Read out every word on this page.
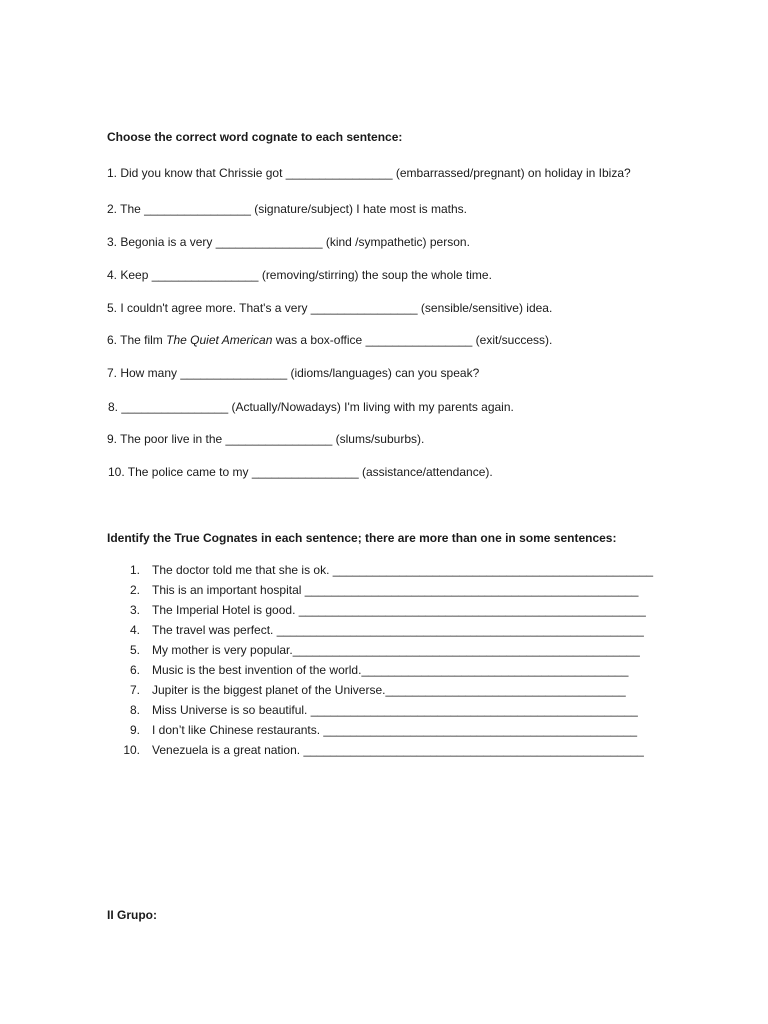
Choose the correct word cognate to each sentence:

1. Did you know that Chrissie got ________________ (embarrassed/pregnant) on holiday in Ibiza?

2. The ________________ (signature/subject) I hate most is maths.

3. Begonia is a very ________________ (kind /sympathetic) person.

4. Keep ________________ (removing/stirring) the soup the whole time.

5. I couldn't agree more. That's a very ________________ (sensible/sensitive) idea.

6. The film The Quiet American was a box-office ________________ (exit/success).

7. How many ________________ (idioms/languages) can you speak?

8. ________________ (Actually/Nowadays) I'm living with my parents again.

9. The poor live in the ________________ (slums/suburbs).

10. The police came to my ________________ (assistance/attendance).

Identify the True Cognates in each sentence; there are more than one in some sentences:

1. The doctor told me that she is ok. ________________________________________________
2. This is an important hospital __________________________________________________
3. The Imperial Hotel is good. ____________________________________________________
4. The travel was perfect. _______________________________________________________
5. My mother is very popular.____________________________________________________
6. Music is the best invention of the world.________________________________________
7. Jupiter is the biggest planet of the Universe.____________________________________
8. Miss Universe is so beautiful. _________________________________________________
9. I don’t like Chinese restaurants. _______________________________________________
10. Venezuela is a great nation. ___________________________________________________

II Grupo:
